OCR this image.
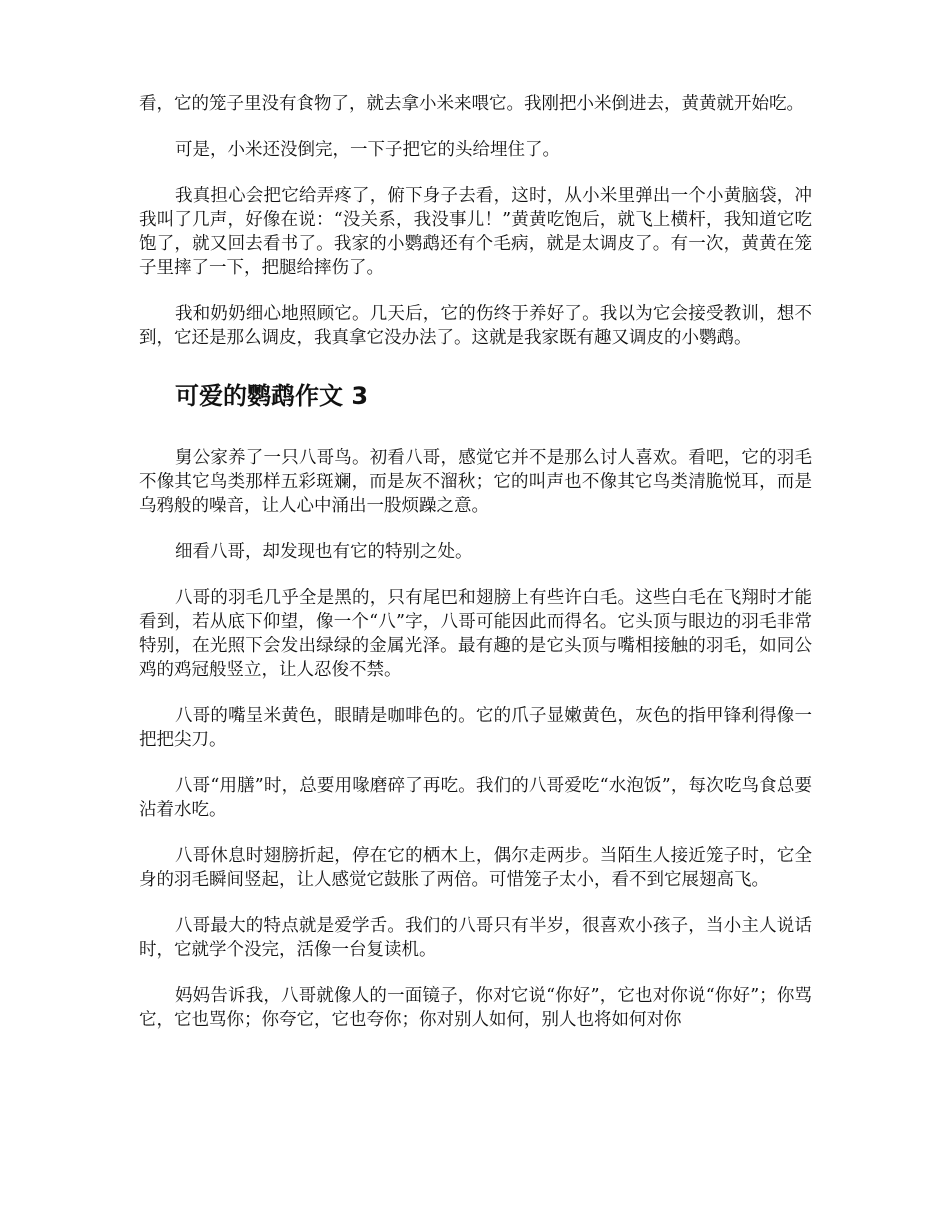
看，它的笼子里没有食物了，就去拿小米来喂它。我刚把小米倒进去，黄黄就开始吃。

可是，小米还没倒完，一下子把它的头给埋住了。

我真担心会把它给弄疼了，俯下身子去看，这时，从小米里弹出一个小黄脑袋，冲我叫了几声，好像在说：“没关系，我没事儿！”黄黄吃饱后，就飞上横杆，我知道它吃饱了，就又回去看书了。我家的小鹦鹉还有个毛病，就是太调皮了。有一次，黄黄在笼子里摔了一下，把腿给摔伤了。

我和奶奶细心地照顾它。几天后，它的伤终于养好了。我以为它会接受教训，想不到，它还是那么调皮，我真拿它没办法了。这就是我家既有趣又调皮的小鹦鹉。

可爱的鹦鹉作文 3

舅公家养了一只八哥鸟。初看八哥，感觉它并不是那么讨人喜欢。看吧，它的羽毛不像其它鸟类那样五彩斑斓，而是灰不溜秋；它的叫声也不像其它鸟类清脆悦耳，而是乌鸦般的噪音，让人心中涌出一股烦躁之意。

细看八哥，却发现也有它的特别之处。

八哥的羽毛几乎全是黑的，只有尾巴和翅膀上有些许白毛。这些白毛在飞翔时才能看到，若从底下仰望，像一个“八”字，八哥可能因此而得名。它头顶与眼边的羽毛非常特别，在光照下会发出绿绿的金属光泽。最有趣的是它头顶与嘴相接触的羽毛，如同公鸡的鸡冠般竖立，让人忍俊不禁。

八哥的嘴呈米黄色，眼睛是咖啡色的。它的爪子显嫩黄色，灰色的指甲锋利得像一把把尖刀。

八哥“用膳”时，总要用喙磨碎了再吃。我们的八哥爱吃“水泡饭”，每次吃鸟食总要沾着水吃。

八哥休息时翅膀折起，停在它的栖木上，偶尔走两步。当陌生人接近笼子时，它全身的羽毛瞬间竖起，让人感觉它鼓胀了两倍。可惜笼子太小，看不到它展翅高飞。

八哥最大的特点就是爱学舌。我们的八哥只有半岁，很喜欢小孩子，当小主人说话时，它就学个没完，活像一台复读机。

妈妈告诉我，八哥就像人的一面镜子，你对它说“你好”，它也对你说“你好”；你骂它，它也骂你；你夸它，它也夸你；你对别人如何，别人也将如何对你
